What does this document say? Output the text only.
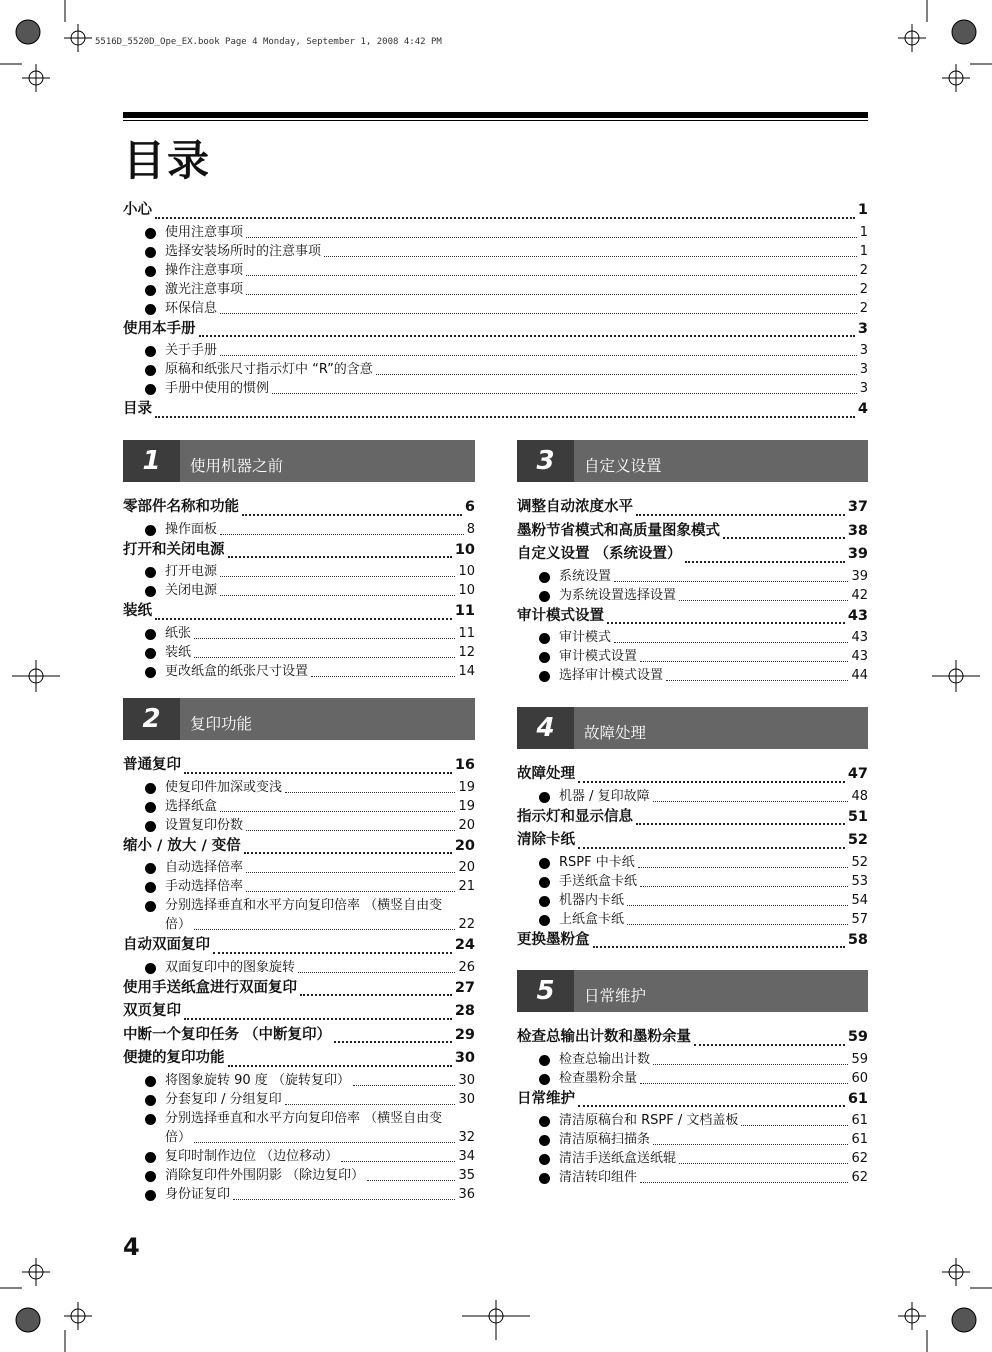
5516D_5520D_Ope_EX.book Page 4 Monday, September 1, 2008 4:42 PM
目录
小心	1
使用注意事项	1
选择安装场所时的注意事项	1
操作注意事项	2
激光注意事项	2
环保信息	2
使用本手册	3
关于手册	3
原稿和纸张尺寸指示灯中 “R”的含意	3
手册中使用的惯例	3
目录	4
1	使用机器之前
零部件名称和功能	6
操作面板	8
打开和关闭电源	10
打开电源	10
关闭电源	10
装纸	11
纸张	11
装纸	12
更改纸盒的纸张尺寸设置	14
2	复印功能
普通复印	16
使复印件加深或变浅	19
选择纸盒	19
设置复印份数	20
缩小 / 放大 / 变倍	20
自动选择倍率	20
手动选择倍率	21
分别选择垂直和水平方向复印倍率 （横竖自由变
倍）	22
自动双面复印	24
双面复印中的图象旋转	26
使用手送纸盒进行双面复印	27
双页复印	28
中断一个复印任务 （中断复印）	29
便捷的复印功能	30
将图象旋转 90 度 （旋转复印）	30
分套复印 / 分组复印	30
分别选择垂直和水平方向复印倍率 （横竖自由变
倍）	32
复印时制作边位 （边位移动）	34
消除复印件外围阴影 （除边复印）	35
身份证复印	36
3	自定义设置
调整自动浓度水平	37
墨粉节省模式和高质量图象模式	38
自定义设置 （系统设置）	39
系统设置	39
为系统设置选择设置	42
审计模式设置	43
审计模式	43
审计模式设置	43
选择审计模式设置	44
4	故障处理
故障处理	47
机器 / 复印故障	48
指示灯和显示信息	51
清除卡纸	52
RSPF 中卡纸	52
手送纸盒卡纸	53
机器内卡纸	54
上纸盒卡纸	57
更换墨粉盒	58
5	日常维护
检查总输出计数和墨粉余量	59
检查总输出计数	59
检查墨粉余量	60
日常维护	61
清洁原稿台和 RSPF / 文档盖板	61
清洁原稿扫描条	61
清洁手送纸盒送纸辊	62
清洁转印组件	62
4
